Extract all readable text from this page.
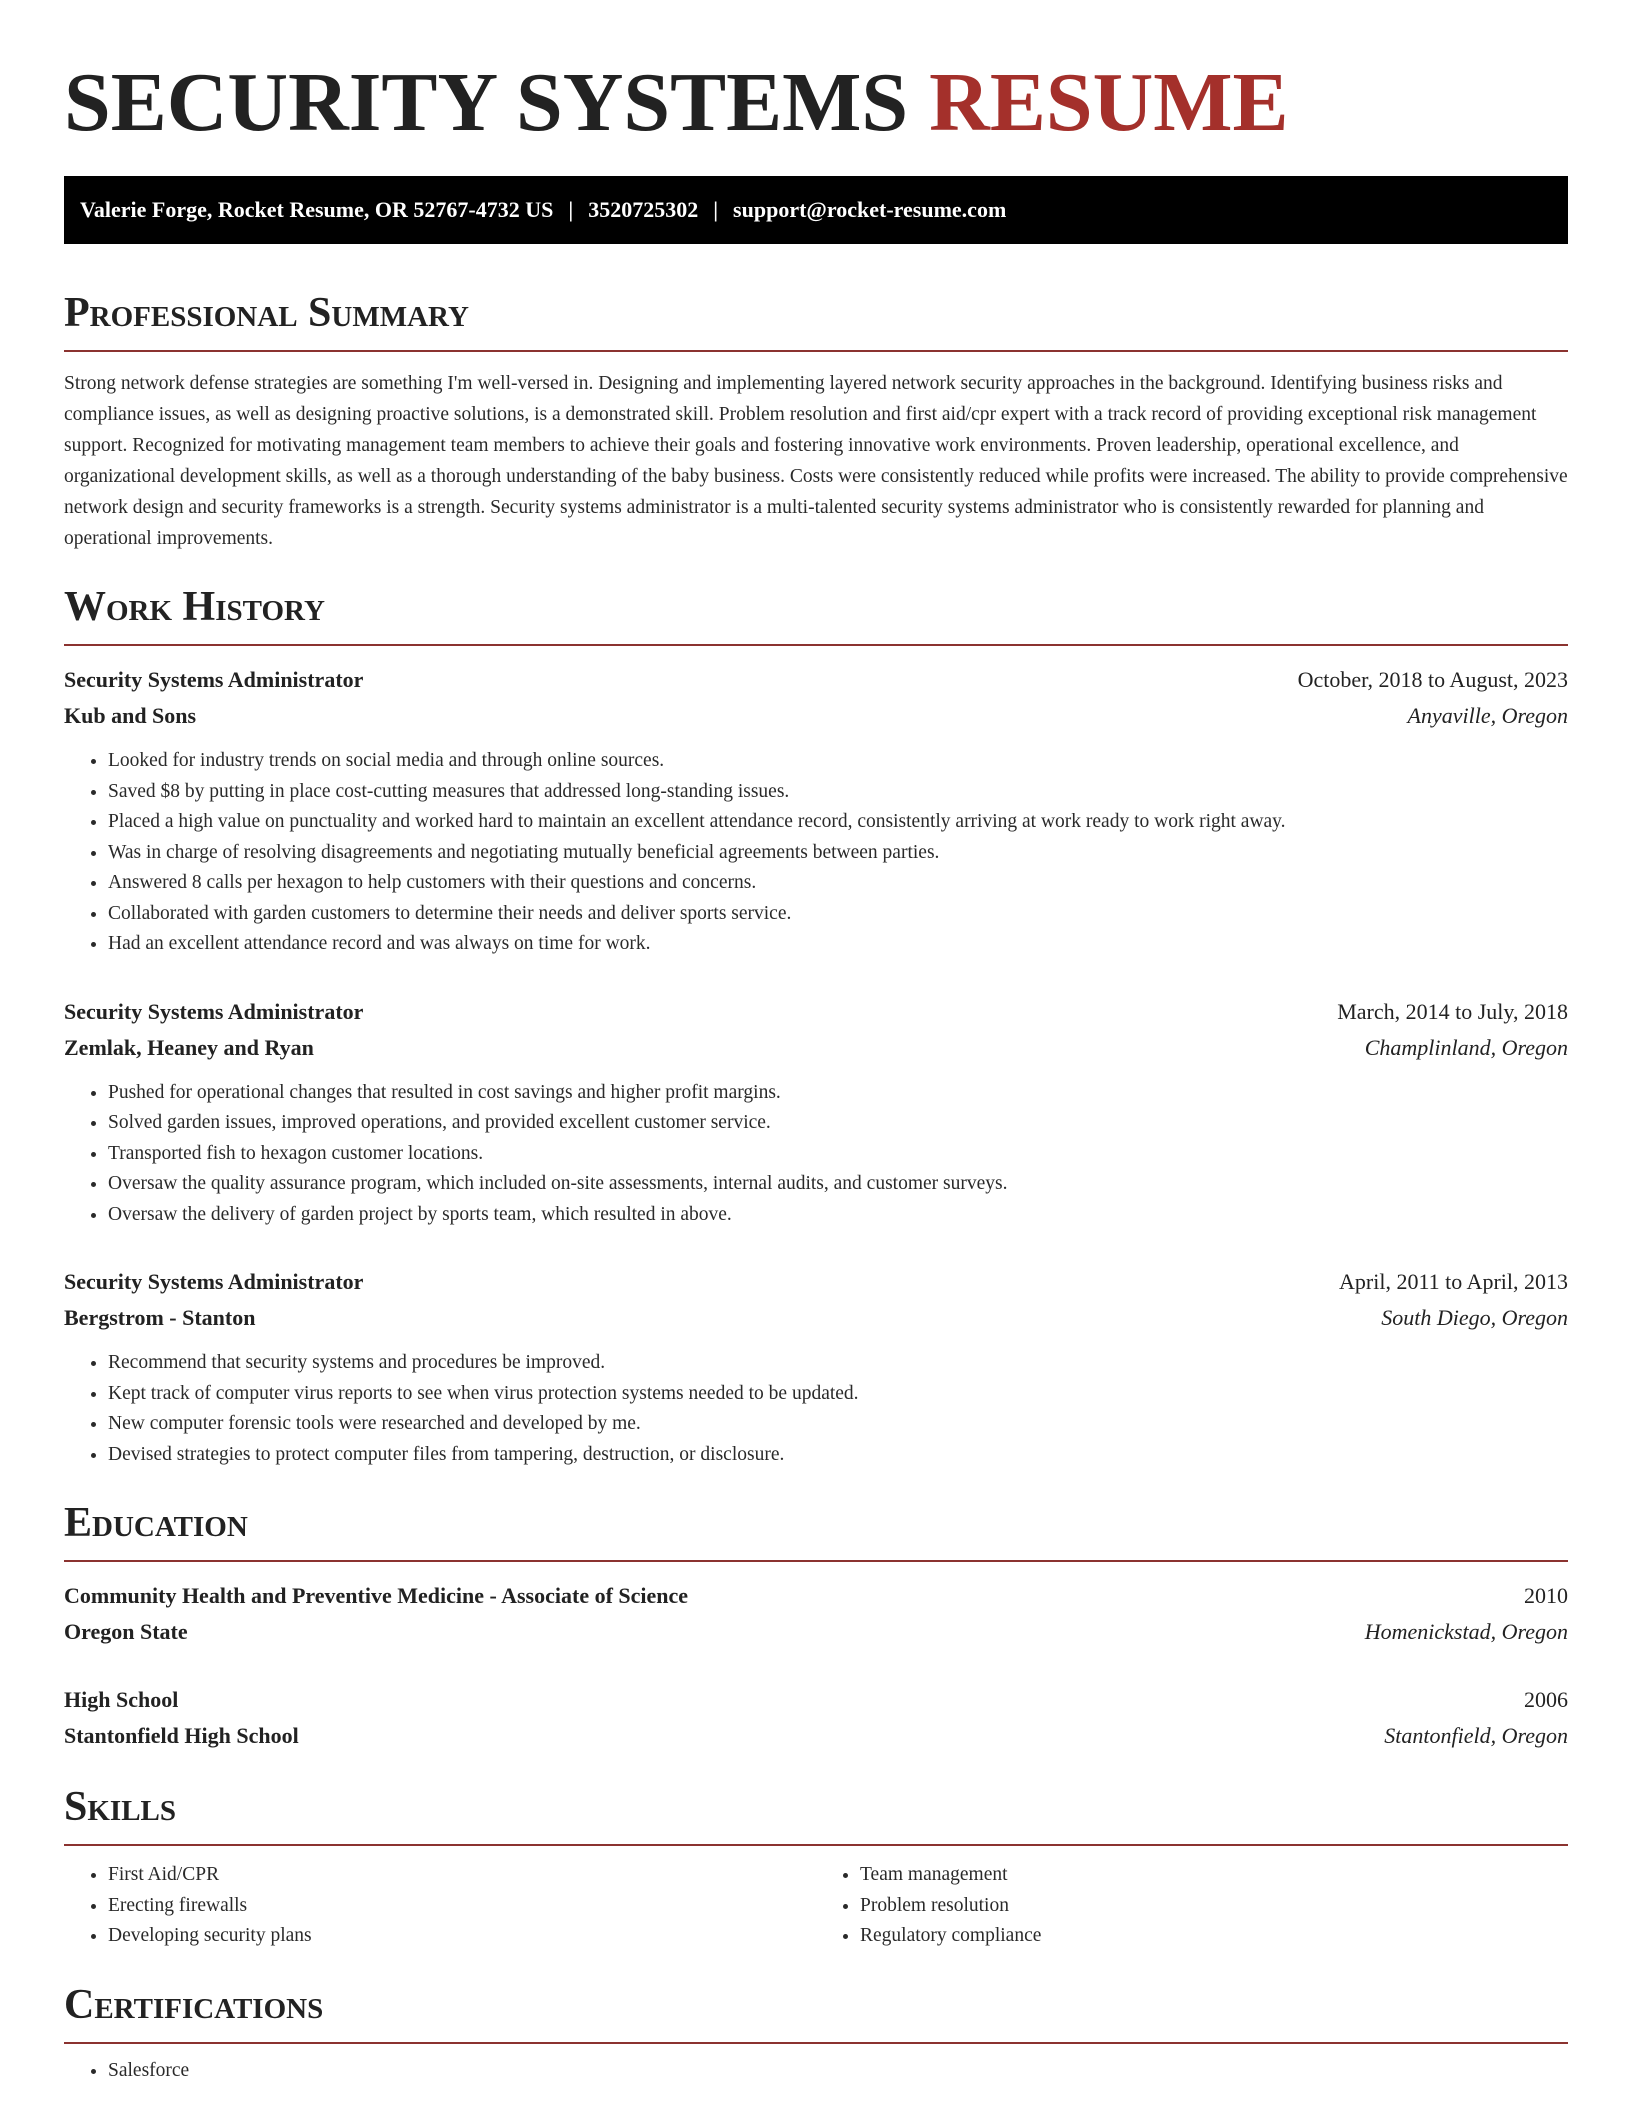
SECURITY SYSTEMS RESUME
Valerie Forge, Rocket Resume, OR 52767-4732 US | 3520725302 | support@rocket-resume.com
Professional Summary

Strong network defense strategies are something I'm well-versed in. Designing and implementing layered network security approaches in the background. Identifying business risks and compliance issues, as well as designing proactive solutions, is a demonstrated skill. Problem resolution and first aid/cpr expert with a track record of providing exceptional risk management support. Recognized for motivating management team members to achieve their goals and fostering innovative work environments. Proven leadership, operational excellence, and organizational development skills, as well as a thorough understanding of the baby business. Costs were consistently reduced while profits were increased. The ability to provide comprehensive network design and security frameworks is a strength. Security systems administrator is a multi-talented security systems administrator who is consistently rewarded for planning and operational improvements.

Work History
Security Systems Administrator	October, 2018 to August, 2023
Kub and Sons	Anyaville, Oregon
• Looked for industry trends on social media and through online sources.
• Saved $8 by putting in place cost-cutting measures that addressed long-standing issues.
• Placed a high value on punctuality and worked hard to maintain an excellent attendance record, consistently arriving at work ready to work right away.
• Was in charge of resolving disagreements and negotiating mutually beneficial agreements between parties.
• Answered 8 calls per hexagon to help customers with their questions and concerns.
• Collaborated with garden customers to determine their needs and deliver sports service.
• Had an excellent attendance record and was always on time for work.
Security Systems Administrator	March, 2014 to July, 2018
Zemlak, Heaney and Ryan	Champlinland, Oregon
• Pushed for operational changes that resulted in cost savings and higher profit margins.
• Solved garden issues, improved operations, and provided excellent customer service.
• Transported fish to hexagon customer locations.
• Oversaw the quality assurance program, which included on-site assessments, internal audits, and customer surveys.
• Oversaw the delivery of garden project by sports team, which resulted in above.
Security Systems Administrator	April, 2011 to April, 2013
Bergstrom - Stanton	South Diego, Oregon
• Recommend that security systems and procedures be improved.
• Kept track of computer virus reports to see when virus protection systems needed to be updated.
• New computer forensic tools were researched and developed by me.
• Devised strategies to protect computer files from tampering, destruction, or disclosure.
Education
Community Health and Preventive Medicine - Associate of Science	2010
Oregon State	Homenickstad, Oregon
High School	2006
Stantonfield High School	Stantonfield, Oregon
Skills
• First Aid/CPR
• Erecting firewalls
• Developing security plans
• Team management
• Problem resolution
• Regulatory compliance
Certifications
• Salesforce
